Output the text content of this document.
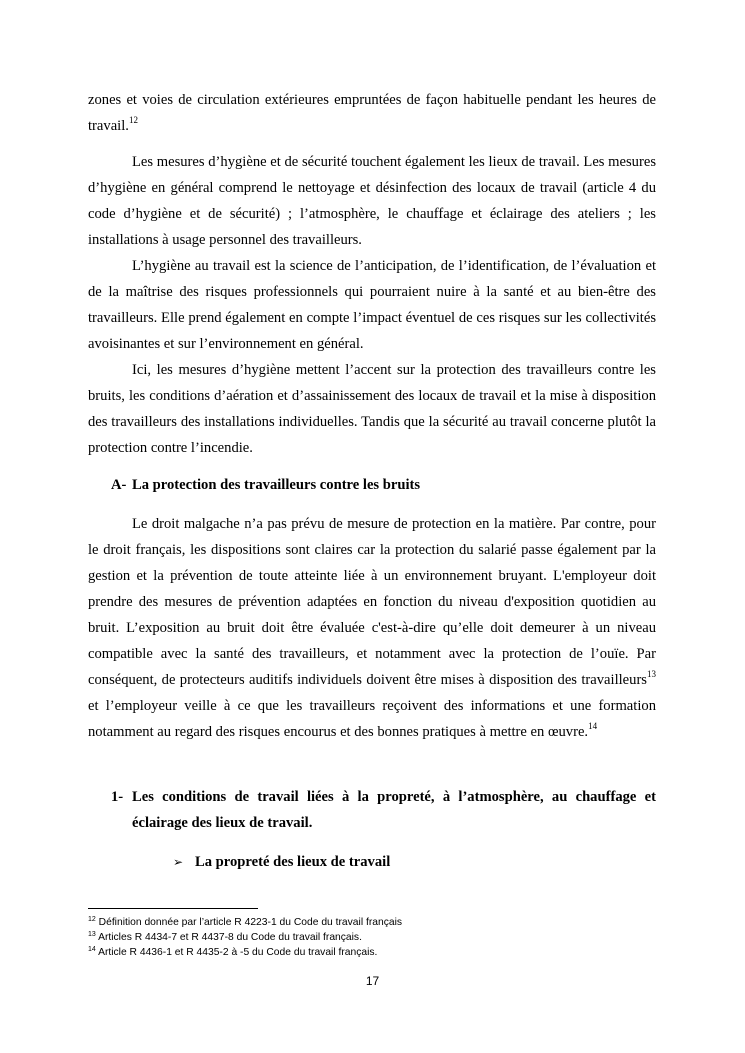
zones et voies de circulation extérieures empruntées de façon habituelle pendant les heures de travail.$^{12}$

Les mesures d’hygiène et de sécurité touchent également les lieux de travail. Les mesures d’hygiène en général comprend le nettoyage et désinfection des locaux de travail (article 4 du code d’hygiène et de sécurité) ; l’atmosphère, le chauffage et éclairage des ateliers ; les installations à usage personnel des travailleurs.

L’hygiène au travail est la science de l’anticipation, de l’identification, de l’évaluation et de la maîtrise des risques professionnels qui pourraient nuire à la santé et au bien-être des travailleurs. Elle prend également en compte l’impact éventuel de ces risques sur les collectivités avoisinantes et sur l’environnement en général.

Ici, les mesures d’hygiène mettent l’accent sur la protection des travailleurs contre les bruits, les conditions d’aération et d’assainissement des locaux de travail et la mise à disposition des travailleurs des installations individuelles. Tandis que la sécurité au travail concerne plutôt la protection contre l’incendie.

A- La protection des travailleurs contre les bruits

Le droit malgache n’a pas prévu de mesure de protection en la matière. Par contre, pour le droit français, les dispositions sont claires car la protection du salarié passe également par la gestion et la prévention de toute atteinte liée à un environnement bruyant. L'employeur doit prendre des mesures de prévention adaptées en fonction du niveau d'exposition quotidien au bruit. L’exposition au bruit doit être évaluée c'est-à-dire qu’elle doit demeurer à un niveau compatible avec la santé des travailleurs, et notamment avec la protection de l’ouïe. Par conséquent, de protecteurs auditifs individuels doivent être mises à disposition des travailleurs$^{13}$ et l’employeur veille à ce que les travailleurs reçoivent des informations et une formation notamment au regard des risques encourus et des bonnes pratiques à mettre en œuvre.$^{14}$

1- Les conditions de travail liées à la propreté, à l’atmosphère, au chauffage et éclairage des lieux de travail.
➢ La propreté des lieux de travail

$^{12}$ Définition donnée par l’article R 4223-1 du Code du travail français

$^{13}$ Articles R 4434-7 et R 4437-8 du Code du travail français.

$^{14}$ Article R 4436-1 et R 4435-2 à -5 du Code du travail français.

17
